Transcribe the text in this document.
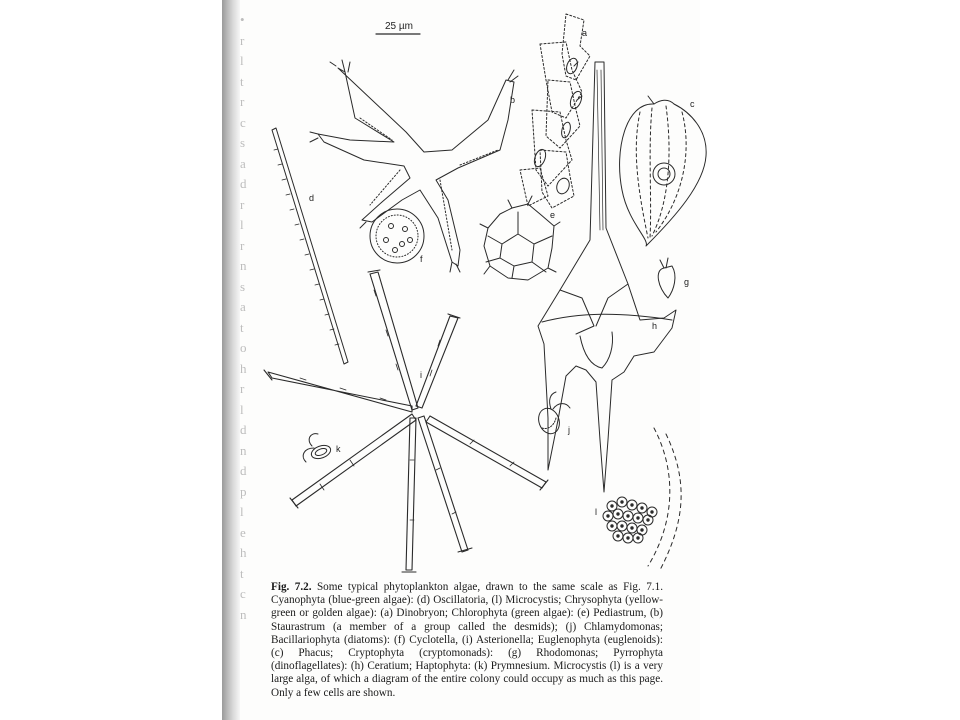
•
r
l
t
r
c
s
a
d
r
l
r
n
s
a
t
o
h
r
l
d
n
d
p
l
e
h
t
c
n
25 µm
a
b	c
d
e
f
g
h
i
j
k
l
Fig. 7.2. Some typical phytoplankton algae, drawn to the same scale as Fig. 7.1. Cyanophyta (blue-green algae): (d) Oscillatoria, (l) Microcystis; Chrysophyta (yellow-green or golden algae): (a) Dinobryon; Chlorophyta (green algae): (e) Pediastrum, (b) Staurastrum (a member of a group called the desmids); (j) Chlamydomonas; Bacillariophyta (diatoms): (f) Cyclotella, (i) Asterionella; Euglenophyta (euglenoids): (c) Phacus; Cryptophyta (cryptomonads): (g) Rhodomonas; Pyrrophyta (dinoflagellates): (h) Ceratium; Haptophyta: (k) Prymnesium. Microcystis (l) is a very large alga, of which a diagram of the entire colony could occupy as much as this page. Only a few cells are shown.
